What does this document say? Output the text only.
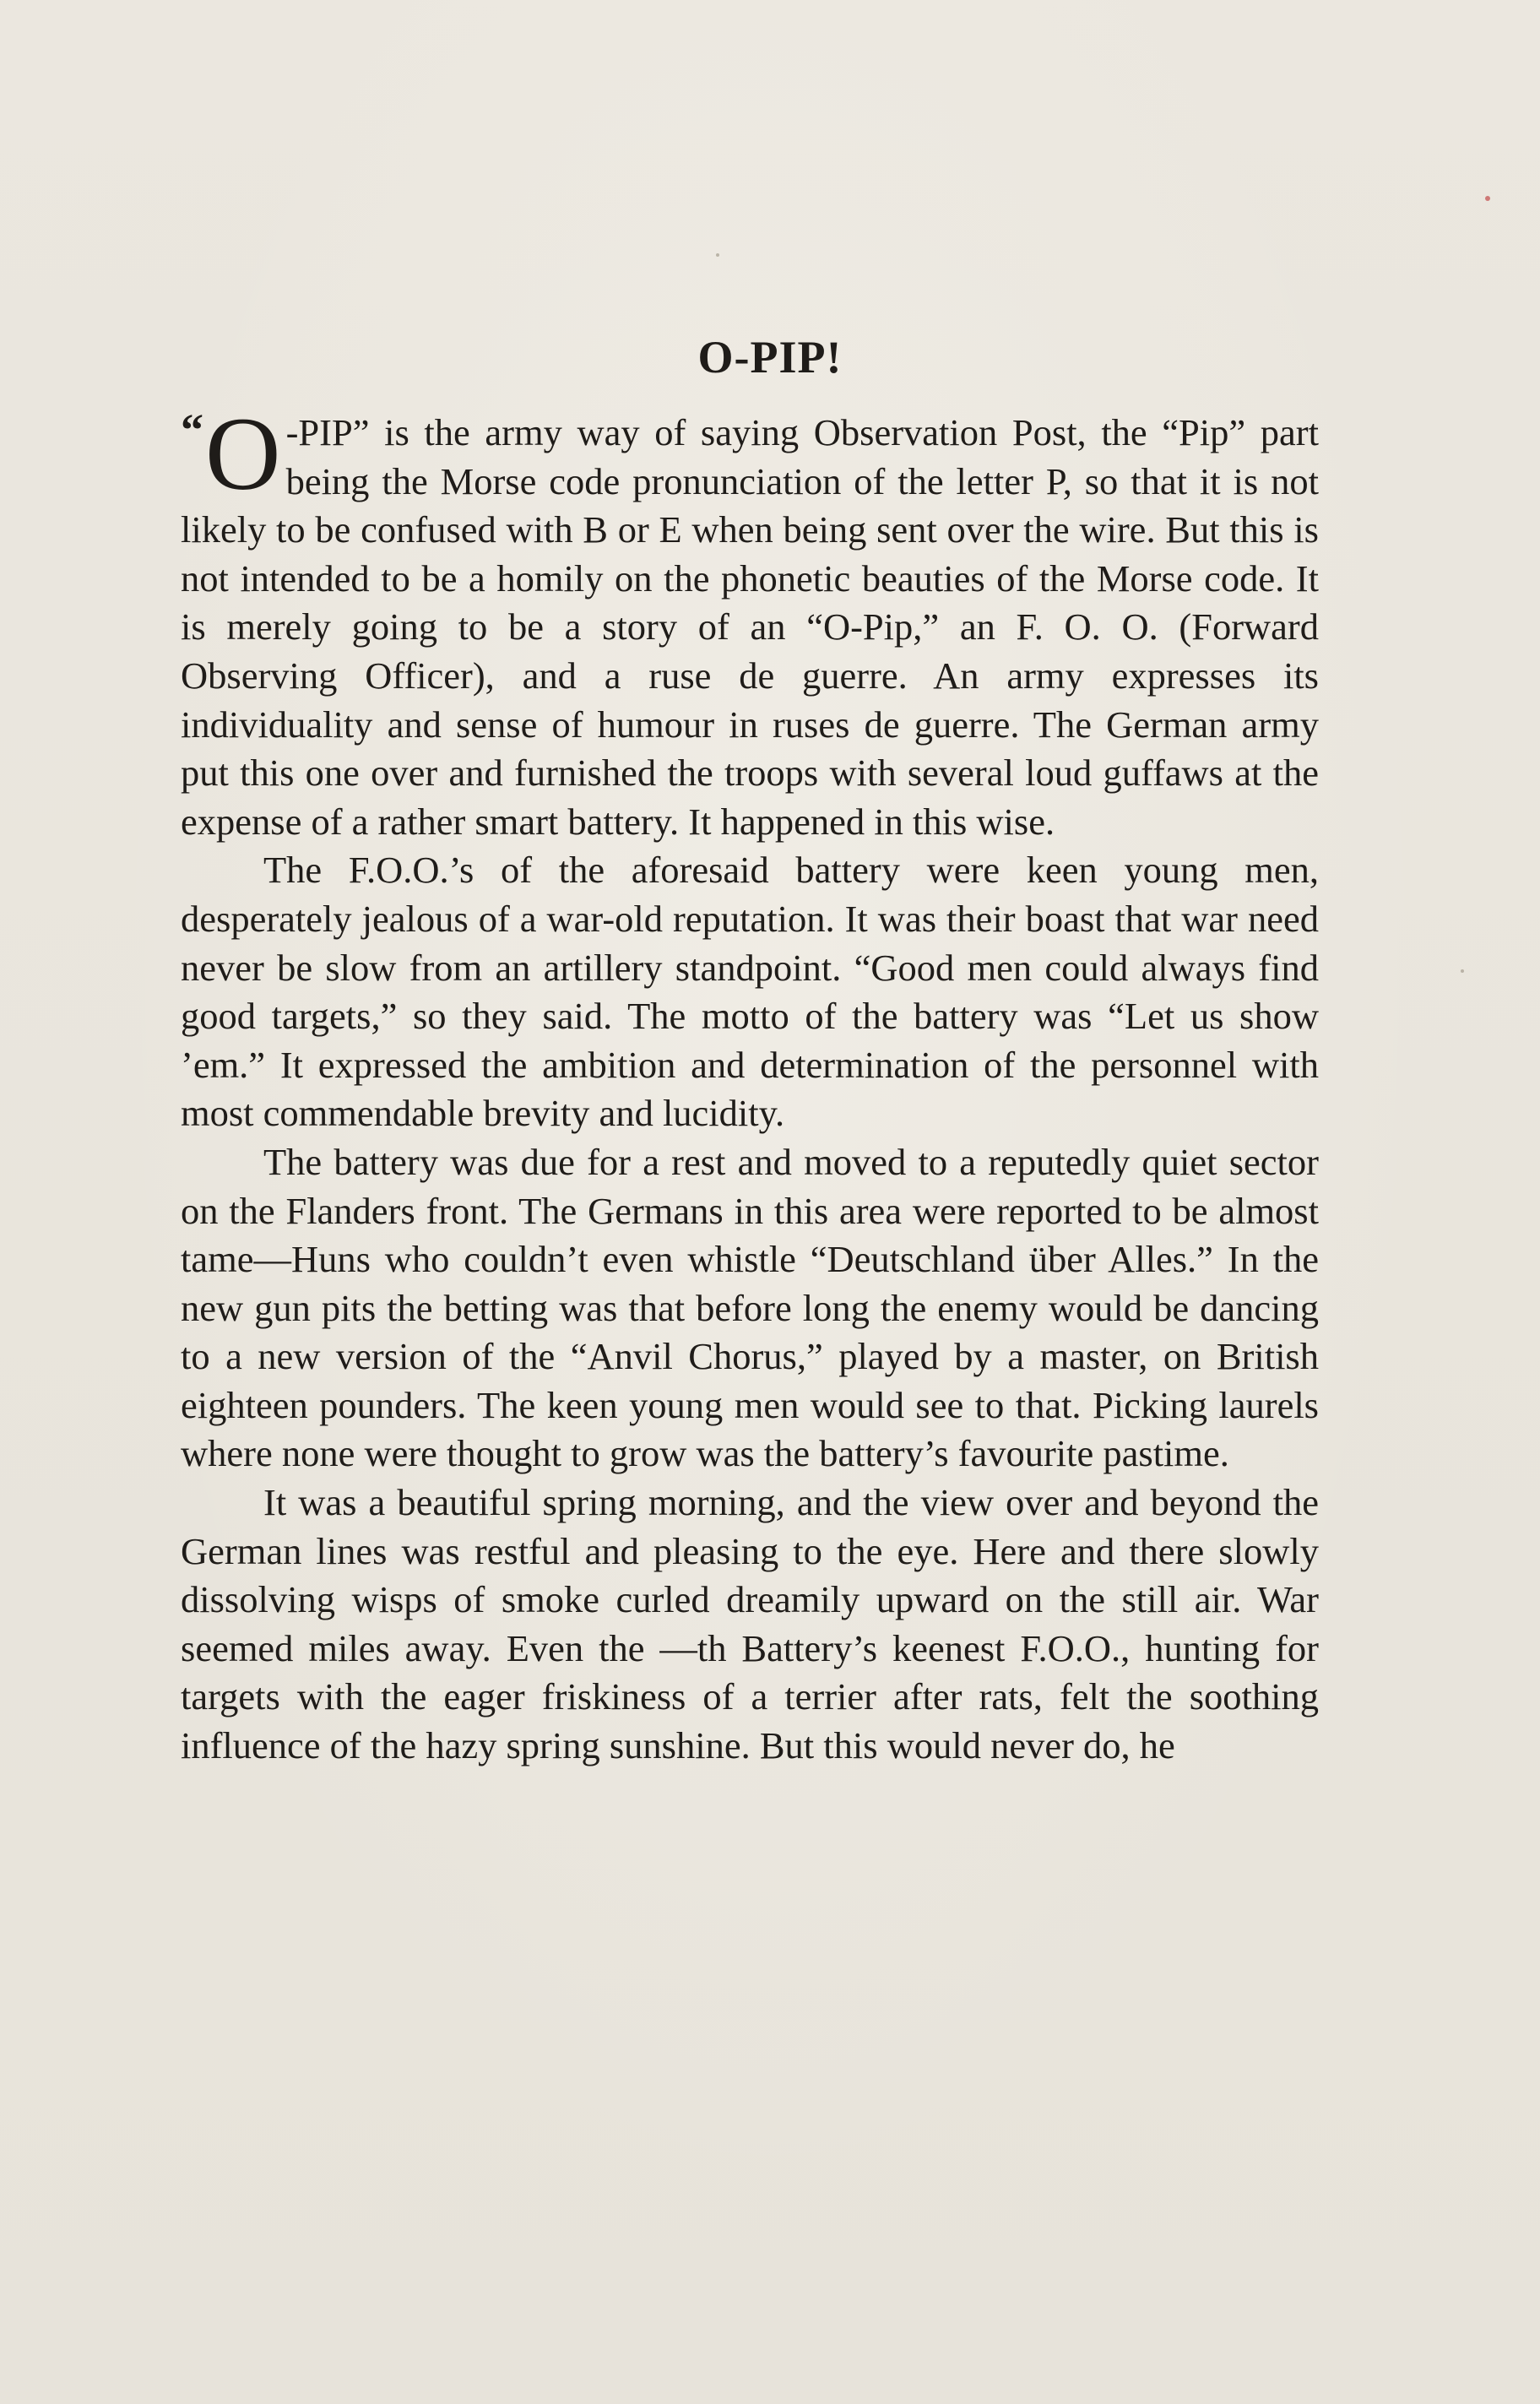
O-PIP!

“ O -PIP” is the army way of saying Observation Post, the “Pip” part being the Morse code pronunciation of the letter P, so that it is not likely to be confused with B or E when being sent over the wire. But this is not intended to be a homily on the phonetic beauties of the Morse code. It is merely going to be a story of an “O-Pip,” an F. O. O. (Forward Observing Officer), and a ruse de guerre. An army expresses its individuality and sense of humour in ruses de guerre. The German army put this one over and furnished the troops with several loud guffaws at the expense of a rather smart battery. It happened in this wise.

The F.O.O.’s of the aforesaid battery were keen young men, desperately jealous of a war-old reputation. It was their boast that war need never be slow from an artillery standpoint. “Good men could always find good targets,” so they said. The motto of the battery was “Let us show ’em.” It expressed the ambition and determination of the personnel with most commendable brevity and lucidity.

The battery was due for a rest and moved to a reputedly quiet sector on the Flanders front. The Germans in this area were reported to be almost tame—Huns who couldn’t even whistle “Deutschland über Alles.” In the new gun pits the betting was that before long the enemy would be dancing to a new version of the “Anvil Chorus,” played by a master, on British eighteen pounders. The keen young men would see to that. Picking laurels where none were thought to grow was the battery’s favourite pastime.

It was a beautiful spring morning, and the view over and beyond the German lines was restful and pleasing to the eye. Here and there slowly dissolving wisps of smoke curled dreamily upward on the still air. War seemed miles away. Even the —th Battery’s keenest F.O.O., hunting for targets with the eager friskiness of a terrier after rats, felt the soothing influence of the hazy spring sunshine. But this would never do, he
